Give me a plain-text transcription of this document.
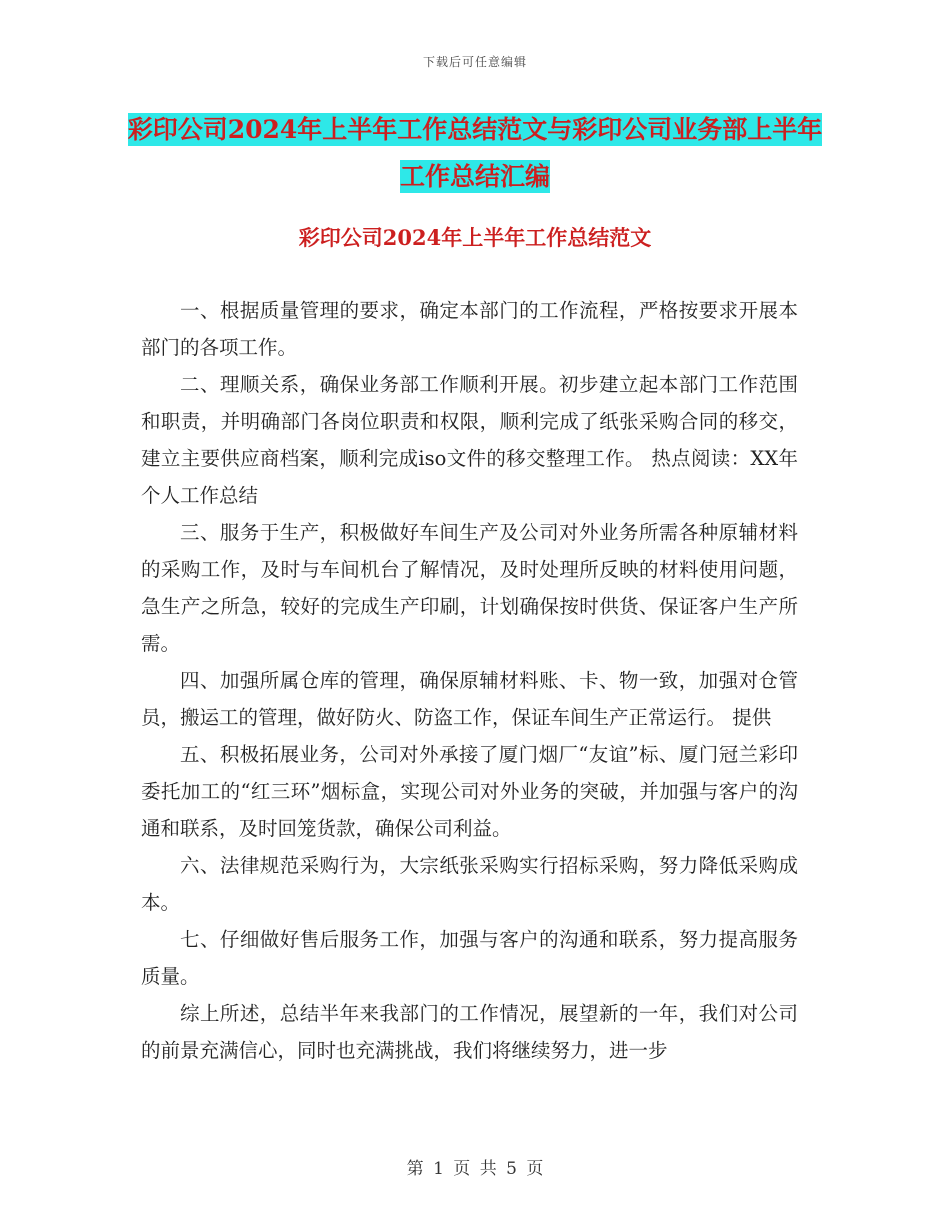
下载后可任意编辑
彩印公司2024年上半年工作总结范文与彩印公司业务部上半年工作总结汇编
彩印公司2024年上半年工作总结范文

一、根据质量管理的要求，确定本部门的工作流程，严格按要求开展本部门的各项工作。

二、理顺关系，确保业务部工作顺利开展。初步建立起本部门工作范围和职责，并明确部门各岗位职责和权限，顺利完成了纸张采购合同的移交，建立主要供应商档案，顺利完成iso文件的移交整理工作。 热点阅读：XX年个人工作总结

三、服务于生产，积极做好车间生产及公司对外业务所需各种原辅材料的采购工作，及时与车间机台了解情况，及时处理所反映的材料使用问题，急生产之所急，较好的完成生产印刷，计划确保按时供货、保证客户生产所需。

四、加强所属仓库的管理，确保原辅材料账、卡、物一致，加强对仓管员，搬运工的管理，做好防火、防盗工作，保证车间生产正常运行。 提供

五、积极拓展业务，公司对外承接了厦门烟厂“友谊”标、厦门冠兰彩印委托加工的“红三环”烟标盒，实现公司对外业务的突破，并加强与客户的沟通和联系，及时回笼货款，确保公司利益。

六、法律规范采购行为，大宗纸张采购实行招标采购，努力降低采购成本。

七、仔细做好售后服务工作，加强与客户的沟通和联系，努力提高服务质量。

综上所述，总结半年来我部门的工作情况，展望新的一年，我们对公司的前景充满信心，同时也充满挑战，我们将继续努力，进一步

第 1 页 共 5 页
